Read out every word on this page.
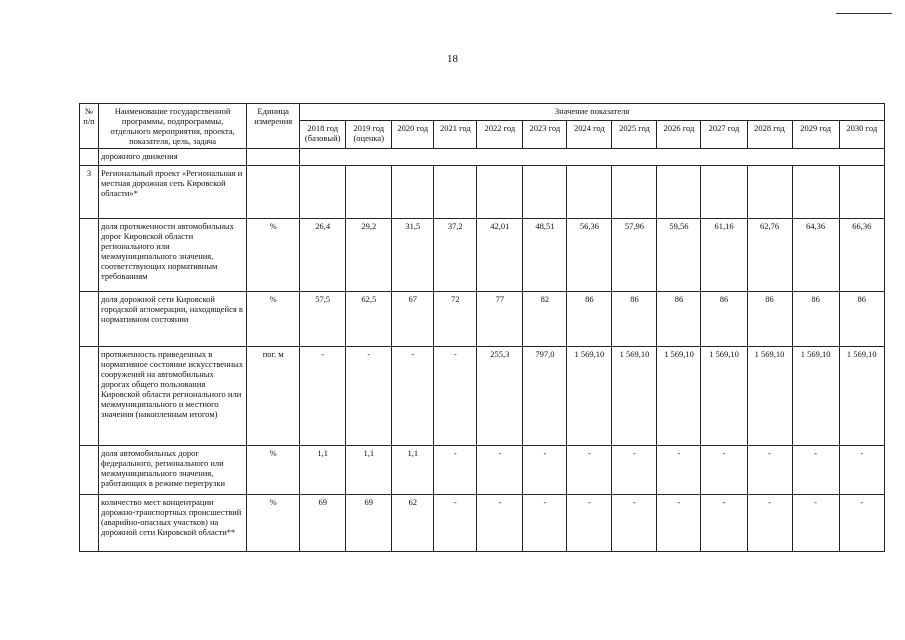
18
№ п/п	Наименование государственной программы, подпрограммы, отдельного мероприятия, проекта, показателя, цель, задача	Единица измерения	Значение показателя												
			2018 год (базовый)	2019 год (оценка)	2020 год	2021 год	2022 год	2023 год	2024 год	2025 год	2026 год	2027 год	2028 год	2029 год	2030 год
	дорожного движения														
3	Региональный проект «Региональная и местная дорожная сеть Кировской области»*														
	доля протяженности автомобильных дорог Кировской области регионального или межмуниципального значения, соответствующих нормативным требованиям	%	26,4	29,2	31,5	37,2	42,01	48,51	56,36	57,96	59,56	61,16	62,76	64,36	66,36
	доля дорожной сети Кировской городской агломерации, находящейся в нормативном состоянии	%	57,5	62,5	67	72	77	82	86	86	86	86	86	86	86
	протяженность приведенных в нормативное состояние искусственных сооружений на автомобильных дорогах общего пользования Кировской области регионального или межмуниципального и местного значения (накопленным итогом)	пог. м	-	-	-	-	255,3	797,0	1 569,10	1 569,10	1 569,10	1 569,10	1 569,10	1 569,10	1 569,10
	доля автомобильных дорог федерального, регионального или межмуниципального значения, работающих в режиме перегрузки	%	1,1	1,1	1,1	-	-	-	-	-	-	-	-	-	-
	количество мест концентрации дорожно-транспортных происшествий (аварийно-опасных участков) на дорожной сети Кировской области**	%	69	69	62	-	-	-	-	-	-	-	-	-	-
